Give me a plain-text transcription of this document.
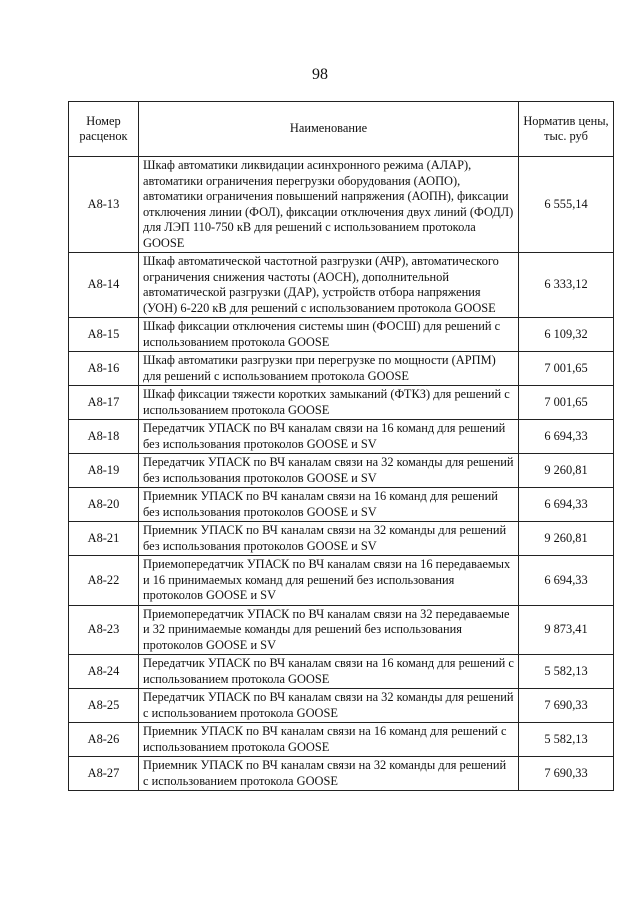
98
Номер расценок	Наименование	Норматив цены, тыс. руб
А8-13	Шкаф автоматики ликвидации асинхронного режима (АЛАР), автоматики ограничения перегрузки оборудования (АОПО), автоматики ограничения повышений напряжения (АОПН), фиксации отключения линии (ФОЛ), фиксации отключения двух линий (ФОДЛ) для ЛЭП 110-750 кВ для решений с использованием протокола GOOSE	6 555,14
А8-14	Шкаф автоматической частотной разгрузки (АЧР), автоматического ограничения снижения частоты (АОСН), дополнительной автоматической разгрузки (ДАР), устройств отбора напряжения (УОН) 6-220 кВ для решений с использованием протокола GOOSE	6 333,12
А8-15	Шкаф фиксации отключения системы шин (ФОСШ) для решений с использованием протокола GOOSE	6 109,32
А8-16	Шкаф автоматики разгрузки при перегрузке по мощности (АРПМ) для решений с использованием протокола GOOSE	7 001,65
А8-17	Шкаф фиксации тяжести коротких замыканий (ФТКЗ) для решений с использованием протокола GOOSE	7 001,65
А8-18	Передатчик УПАСК по ВЧ каналам связи на 16 команд для решений без использования протоколов GOOSE и SV	6 694,33
А8-19	Передатчик УПАСК по ВЧ каналам связи на 32 команды для решений без использования протоколов GOOSE и SV	9 260,81
А8-20	Приемник УПАСК по ВЧ каналам связи на 16 команд для решений без использования протоколов GOOSE и SV	6 694,33
А8-21	Приемник УПАСК по ВЧ каналам связи на 32 команды для решений без использования протоколов GOOSE и SV	9 260,81
А8-22	Приемопередатчик УПАСК по ВЧ каналам связи на 16 передаваемых и 16 принимаемых команд для решений без использования протоколов GOOSE и SV	6 694,33
А8-23	Приемопередатчик УПАСК по ВЧ каналам связи на 32 передаваемые и 32 принимаемые команды для решений без использования протоколов GOOSE и SV	9 873,41
А8-24	Передатчик УПАСК по ВЧ каналам связи на 16 команд для решений с использованием протокола GOOSE	5 582,13
А8-25	Передатчик УПАСК по ВЧ каналам связи на 32 команды для решений с использованием протокола GOOSE	7 690,33
А8-26	Приемник УПАСК по ВЧ каналам связи на 16 команд для решений с использованием протокола GOOSE	5 582,13
А8-27	Приемник УПАСК по ВЧ каналам связи на 32 команды для решений с использованием протокола GOOSE	7 690,33
